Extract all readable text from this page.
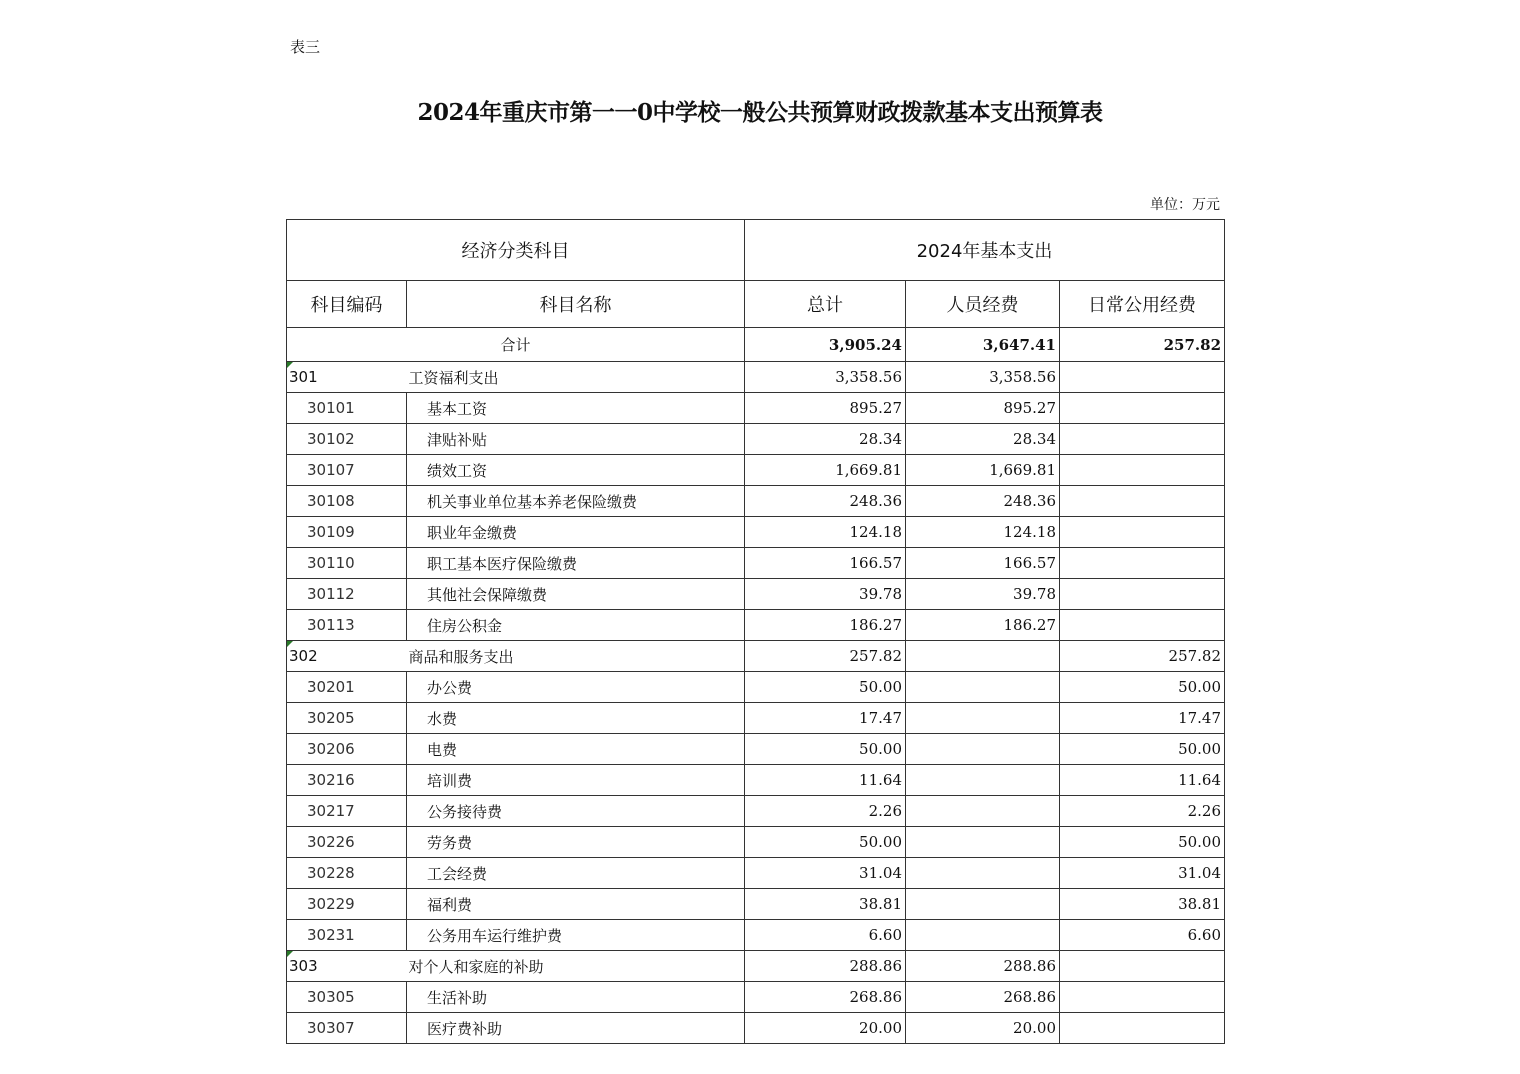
表三
2024年重庆市第一一0中学校一般公共预算财政拨款基本支出预算表
单位：万元
经济分类科目		2024年基本支出		
科目编码	科目名称	总计	人员经费	日常公用经费
合计		3,905.24	3,647.41	257.82

301	工资福利支出	3,358.56	3,358.56	
30101	基本工资	895.27	895.27	
30102	津贴补贴	28.34	28.34	
30107	绩效工资	1,669.81	1,669.81	
30108	机关事业单位基本养老保险缴费	248.36	248.36	
30109	职业年金缴费	124.18	124.18	
30110	职工基本医疗保险缴费	166.57	166.57	
30112	其他社会保障缴费	39.78	39.78	
30113	住房公积金	186.27	186.27	

302	商品和服务支出	257.82		257.82
30201	办公费	50.00		50.00
30205	水费	17.47		17.47
30206	电费	50.00		50.00
30216	培训费	11.64		11.64
30217	公务接待费	2.26		2.26
30226	劳务费	50.00		50.00
30228	工会经费	31.04		31.04
30229	福利费	38.81		38.81
30231	公务用车运行维护费	6.60		6.60

303	对个人和家庭的补助	288.86	288.86	
30305	生活补助	268.86	268.86	
30307	医疗费补助	20.00	20.00	
